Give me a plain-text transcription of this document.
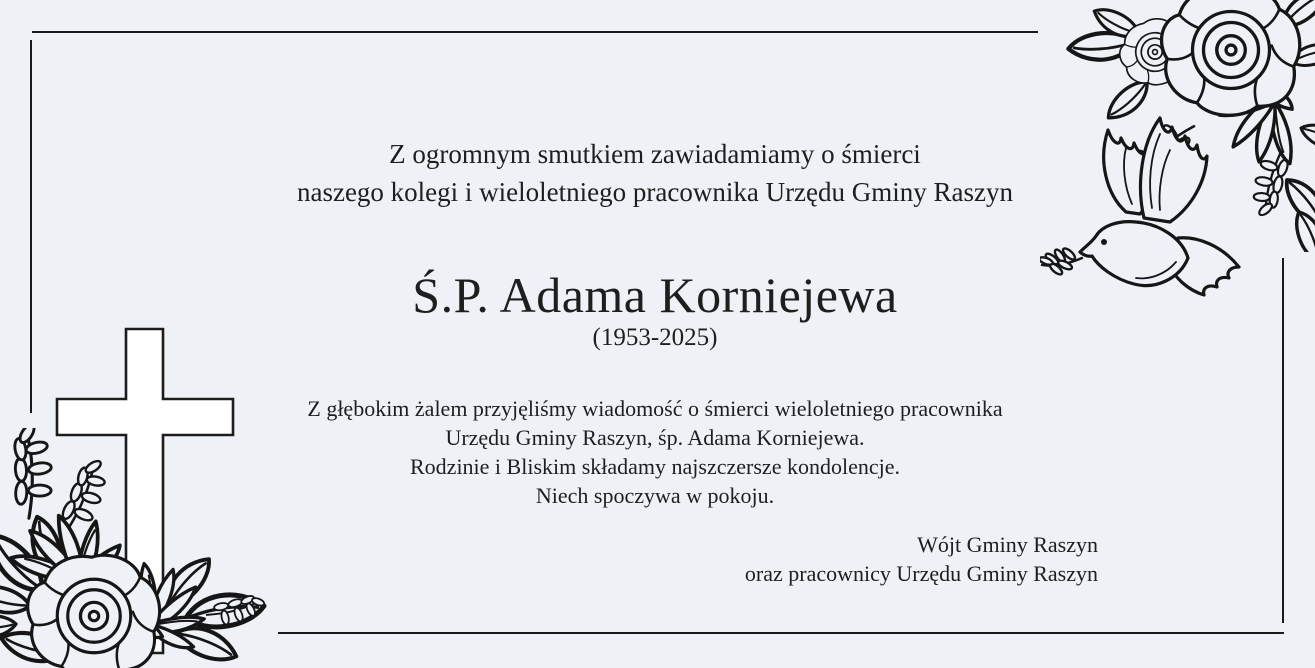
Z ogromnym smutkiem zawiadamiamy o śmierci
naszego kolegi i wieloletniego pracownika Urzędu Gminy Raszyn
Ś.P. Adama Korniejewa
(1953-2025)
Z głębokim żalem przyjęliśmy wiadomość o śmierci wieloletniego pracownika
Urzędu Gminy Raszyn, śp. Adama Korniejewa.
Rodzinie i Bliskim składamy najszczersze kondolencje.
Niech spoczywa w pokoju.
Wójt Gminy Raszyn
oraz pracownicy Urzędu Gminy Raszyn
